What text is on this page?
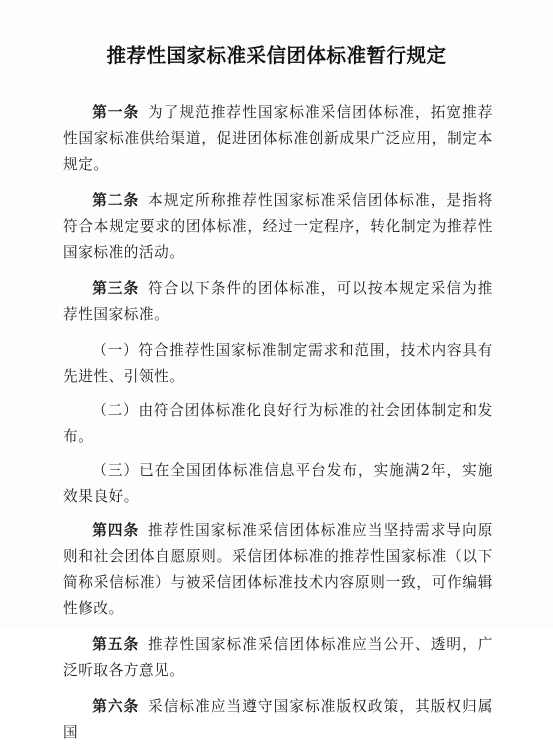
推荐性国家标准采信团体标准暂行规定

第一条 为了规范推荐性国家标准采信团体标准，拓宽推荐性国家标准供给渠道，促进团体标准创新成果广泛应用，制定本规定。

第二条 本规定所称推荐性国家标准采信团体标准，是指将符合本规定要求的团体标准，经过一定程序，转化制定为推荐性国家标准的活动。

第三条 符合以下条件的团体标准，可以按本规定采信为推荐性国家标准。

（一）符合推荐性国家标准制定需求和范围，技术内容具有先进性、引领性。

（二）由符合团体标准化良好行为标准的社会团体制定和发布。

（三）已在全国团体标准信息平台发布，实施满2年，实施效果良好。

第四条 推荐性国家标准采信团体标准应当坚持需求导向原则和社会团体自愿原则。采信团体标准的推荐性国家标准（以下简称采信标准）与被采信团体标准技术内容原则一致，可作编辑性修改。

第五条 推荐性国家标准采信团体标准应当公开、透明，广泛听取各方意见。

第六条 采信标准应当遵守国家标准版权政策，其版权归属国
